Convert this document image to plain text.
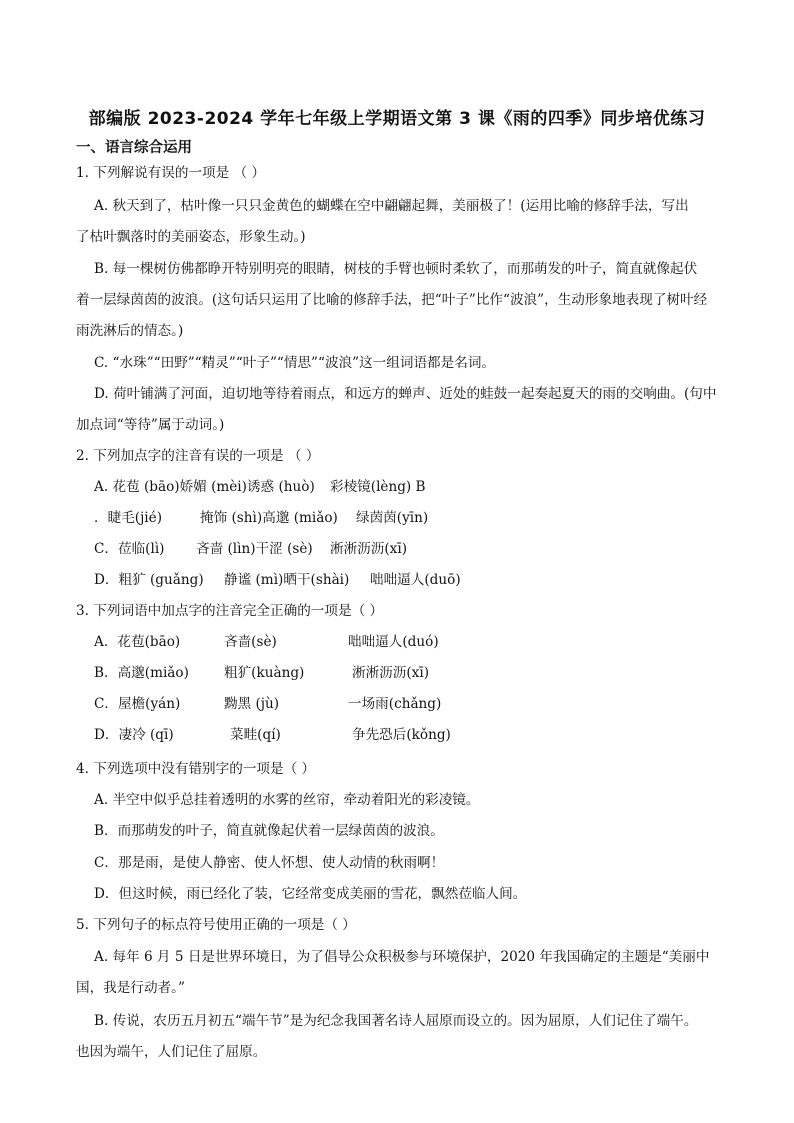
部编版 2023-2024 学年七年级上学期语文第 3 课《雨的四季》同步培优练习
一、语言综合运用
1. 下列解说有误的一项是 （ ）
A. 秋天到了，枯叶像一只只金黄色的蝴蝶在空中翩翩起舞，美丽极了！(运用比喻的修辞手法，写出
了枯叶飘落时的美丽姿态，形象生动。)
B. 每一棵树仿佛都睁开特别明亮的眼睛，树枝的手臂也顿时柔软了，而那萌发的叶子，简直就像起伏
着一层绿茵茵的波浪。(这句话只运用了比喻的修辞手法，把“叶子”比作“波浪”，生动形象地表现了树叶经
雨洗淋后的情态。)
C. “水珠”“田野”“精灵”“叶子”“情思”“波浪”这一组词语都是名词。
D. 荷叶铺满了河面，迫切地等待着雨点，和远方的蝉声、近处的蛙鼓一起奏起夏天的雨的交响曲。(句中
加点词“等待”属于动词。)
2. 下列加点字的注音有误的一项是 （ ）
A. 花苞 (bāo)娇媚 (mèi)诱惑 (huò) 彩棱镜(lèng) B
．睫毛(jié)	掩饰 (shì)高邈 (miǎo) 绿茵茵(yīn)
C．莅临(lì) 吝啬 (lìn)干涩 (sè) 淅淅沥沥(xī)
D．粗犷 (guǎng) 静谧 (mì)晒干(shài) 咄咄逼人(duō)
3. 下列词语中加点字的注音完全正确的一项是（ ）
A．花苞(bāo)	吝啬(sè)	咄咄逼人(duó)
B．高邈(miǎo)	粗犷(kuàng)	淅淅沥沥(xī)
C．屋檐(yán)	黝黑 (jù)	一场雨(chǎng)
D．凄冷 (qī)	菜畦(qí)	争先恐后(kǒng)
4. 下列选项中没有错别字的一项是（ ）
A. 半空中似乎总挂着透明的水雾的丝帘，牵动着阳光的彩凌镜。
B．而那萌发的叶子，简直就像起伏着一层绿茵茵的波浪。
C．那是雨，是使人静密、使人怀想、使人动情的秋雨啊！
D．但这时候，雨已经化了装，它经常变成美丽的雪花，飘然莅临人间。
5. 下列句子的标点符号使用正确的一项是（ ）
A. 每年 6 月 5 日是世界环境日，为了倡导公众积极参与环境保护，2020 年我国确定的主题是“美丽中
国，我是行动者。”
B. 传说，农历五月初五“端午节”是为纪念我国著名诗人屈原而设立的。因为屈原，人们记住了端午。
也因为端午，人们记住了屈原。
